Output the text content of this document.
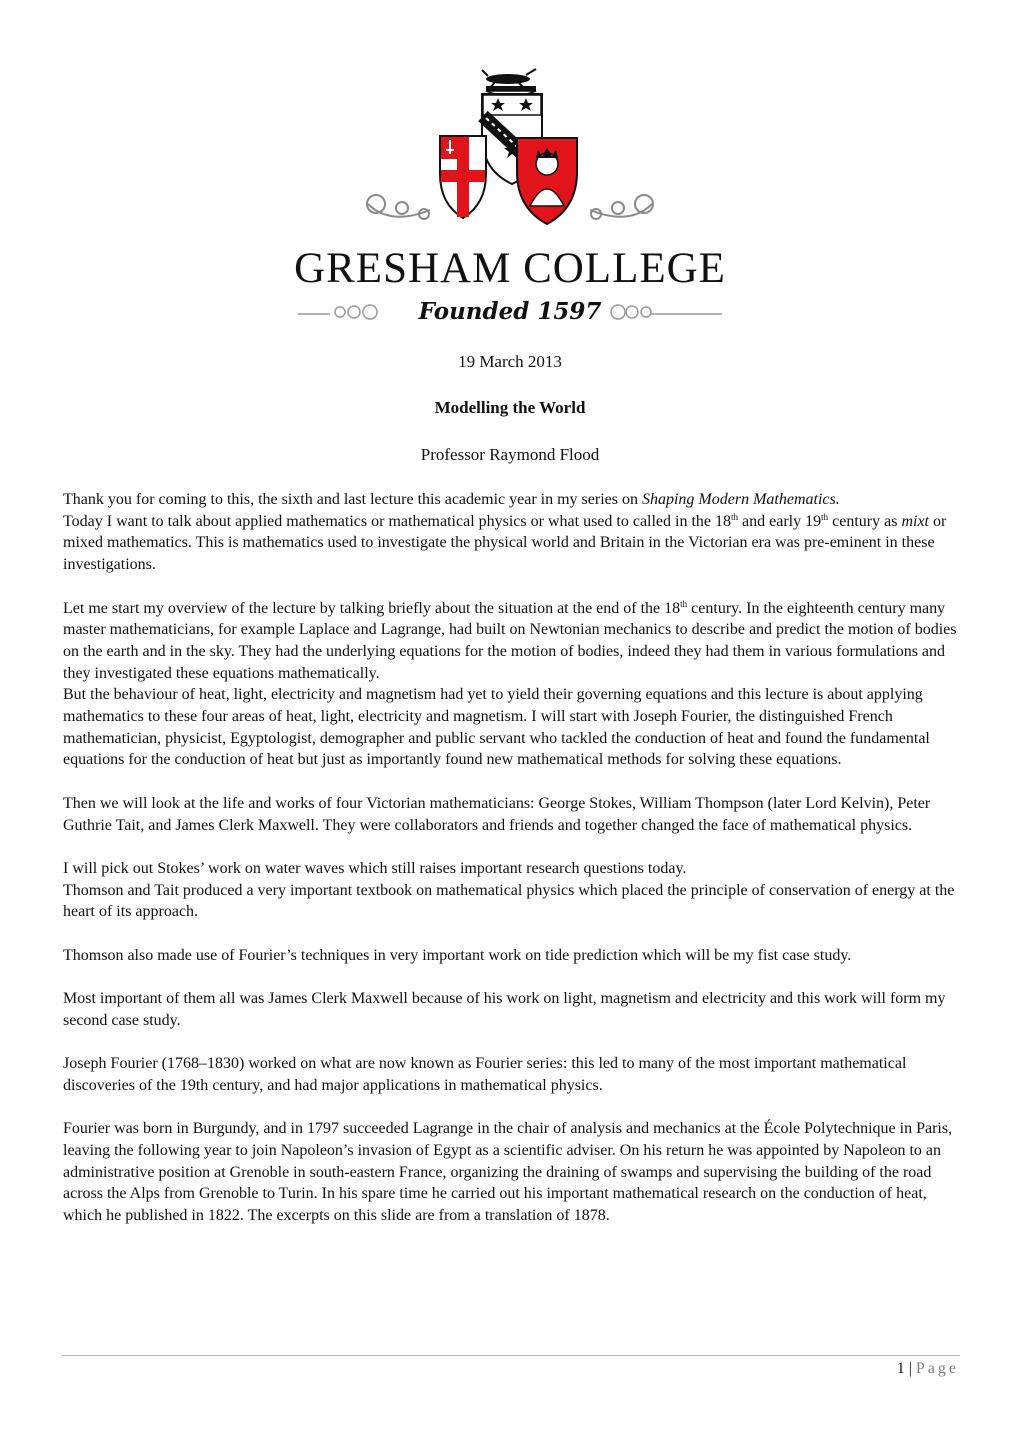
GRESHAM COLLEGE
Founded 1597
19 March 2013
Modelling the World
Professor Raymond Flood

Thank you for coming to this, the sixth and last lecture this academic year in my series on Shaping Modern Mathematics.

Today I want to talk about applied mathematics or mathematical physics or what used to called in the 18th and early 19th century as mixt or mixed mathematics. This is mathematics used to investigate the physical world and Britain in the Victorian era was pre-eminent in these investigations.

Let me start my overview of the lecture by talking briefly about the situation at the end of the 18th century. In the eighteenth century many master mathematicians, for example Laplace and Lagrange, had built on Newtonian mechanics to describe and predict the motion of bodies on the earth and in the sky. They had the underlying equations for the motion of bodies, indeed they had them in various formulations and they investigated these equations mathematically.

But the behaviour of heat, light, electricity and magnetism had yet to yield their governing equations and this lecture is about applying mathematics to these four areas of heat, light, electricity and magnetism. I will start with Joseph Fourier, the distinguished French mathematician, physicist, Egyptologist, demographer and public servant who tackled the conduction of heat and found the fundamental equations for the conduction of heat but just as importantly found new mathematical methods for solving these equations.

Then we will look at the life and works of four Victorian mathematicians: George Stokes, William Thompson (later Lord Kelvin), Peter Guthrie Tait, and James Clerk Maxwell. They were collaborators and friends and together changed the face of mathematical physics.

I will pick out Stokes’ work on water waves which still raises important research questions today.

Thomson and Tait produced a very important textbook on mathematical physics which placed the principle of conservation of energy at the heart of its approach.

Thomson also made use of Fourier’s techniques in very important work on tide prediction which will be my fist case study.

Most important of them all was James Clerk Maxwell because of his work on light, magnetism and electricity and this work will form my second case study.

Joseph Fourier (1768–1830) worked on what are now known as Fourier series: this led to many of the most important mathematical discoveries of the 19th century, and had major applications in mathematical physics.

Fourier was born in Burgundy, and in 1797 succeeded Lagrange in the chair of analysis and mechanics at the École Polytechnique in Paris, leaving the following year to join Napoleon’s invasion of Egypt as a scientific adviser. On his return he was appointed by Napoleon to an administrative position at Grenoble in south-eastern France, organizing the draining of swamps and supervising the building of the road across the Alps from Grenoble to Turin. In his spare time he carried out his important mathematical research on the conduction of heat, which he published in 1822. The excerpts on this slide are from a translation of 1878.

1 | Page
